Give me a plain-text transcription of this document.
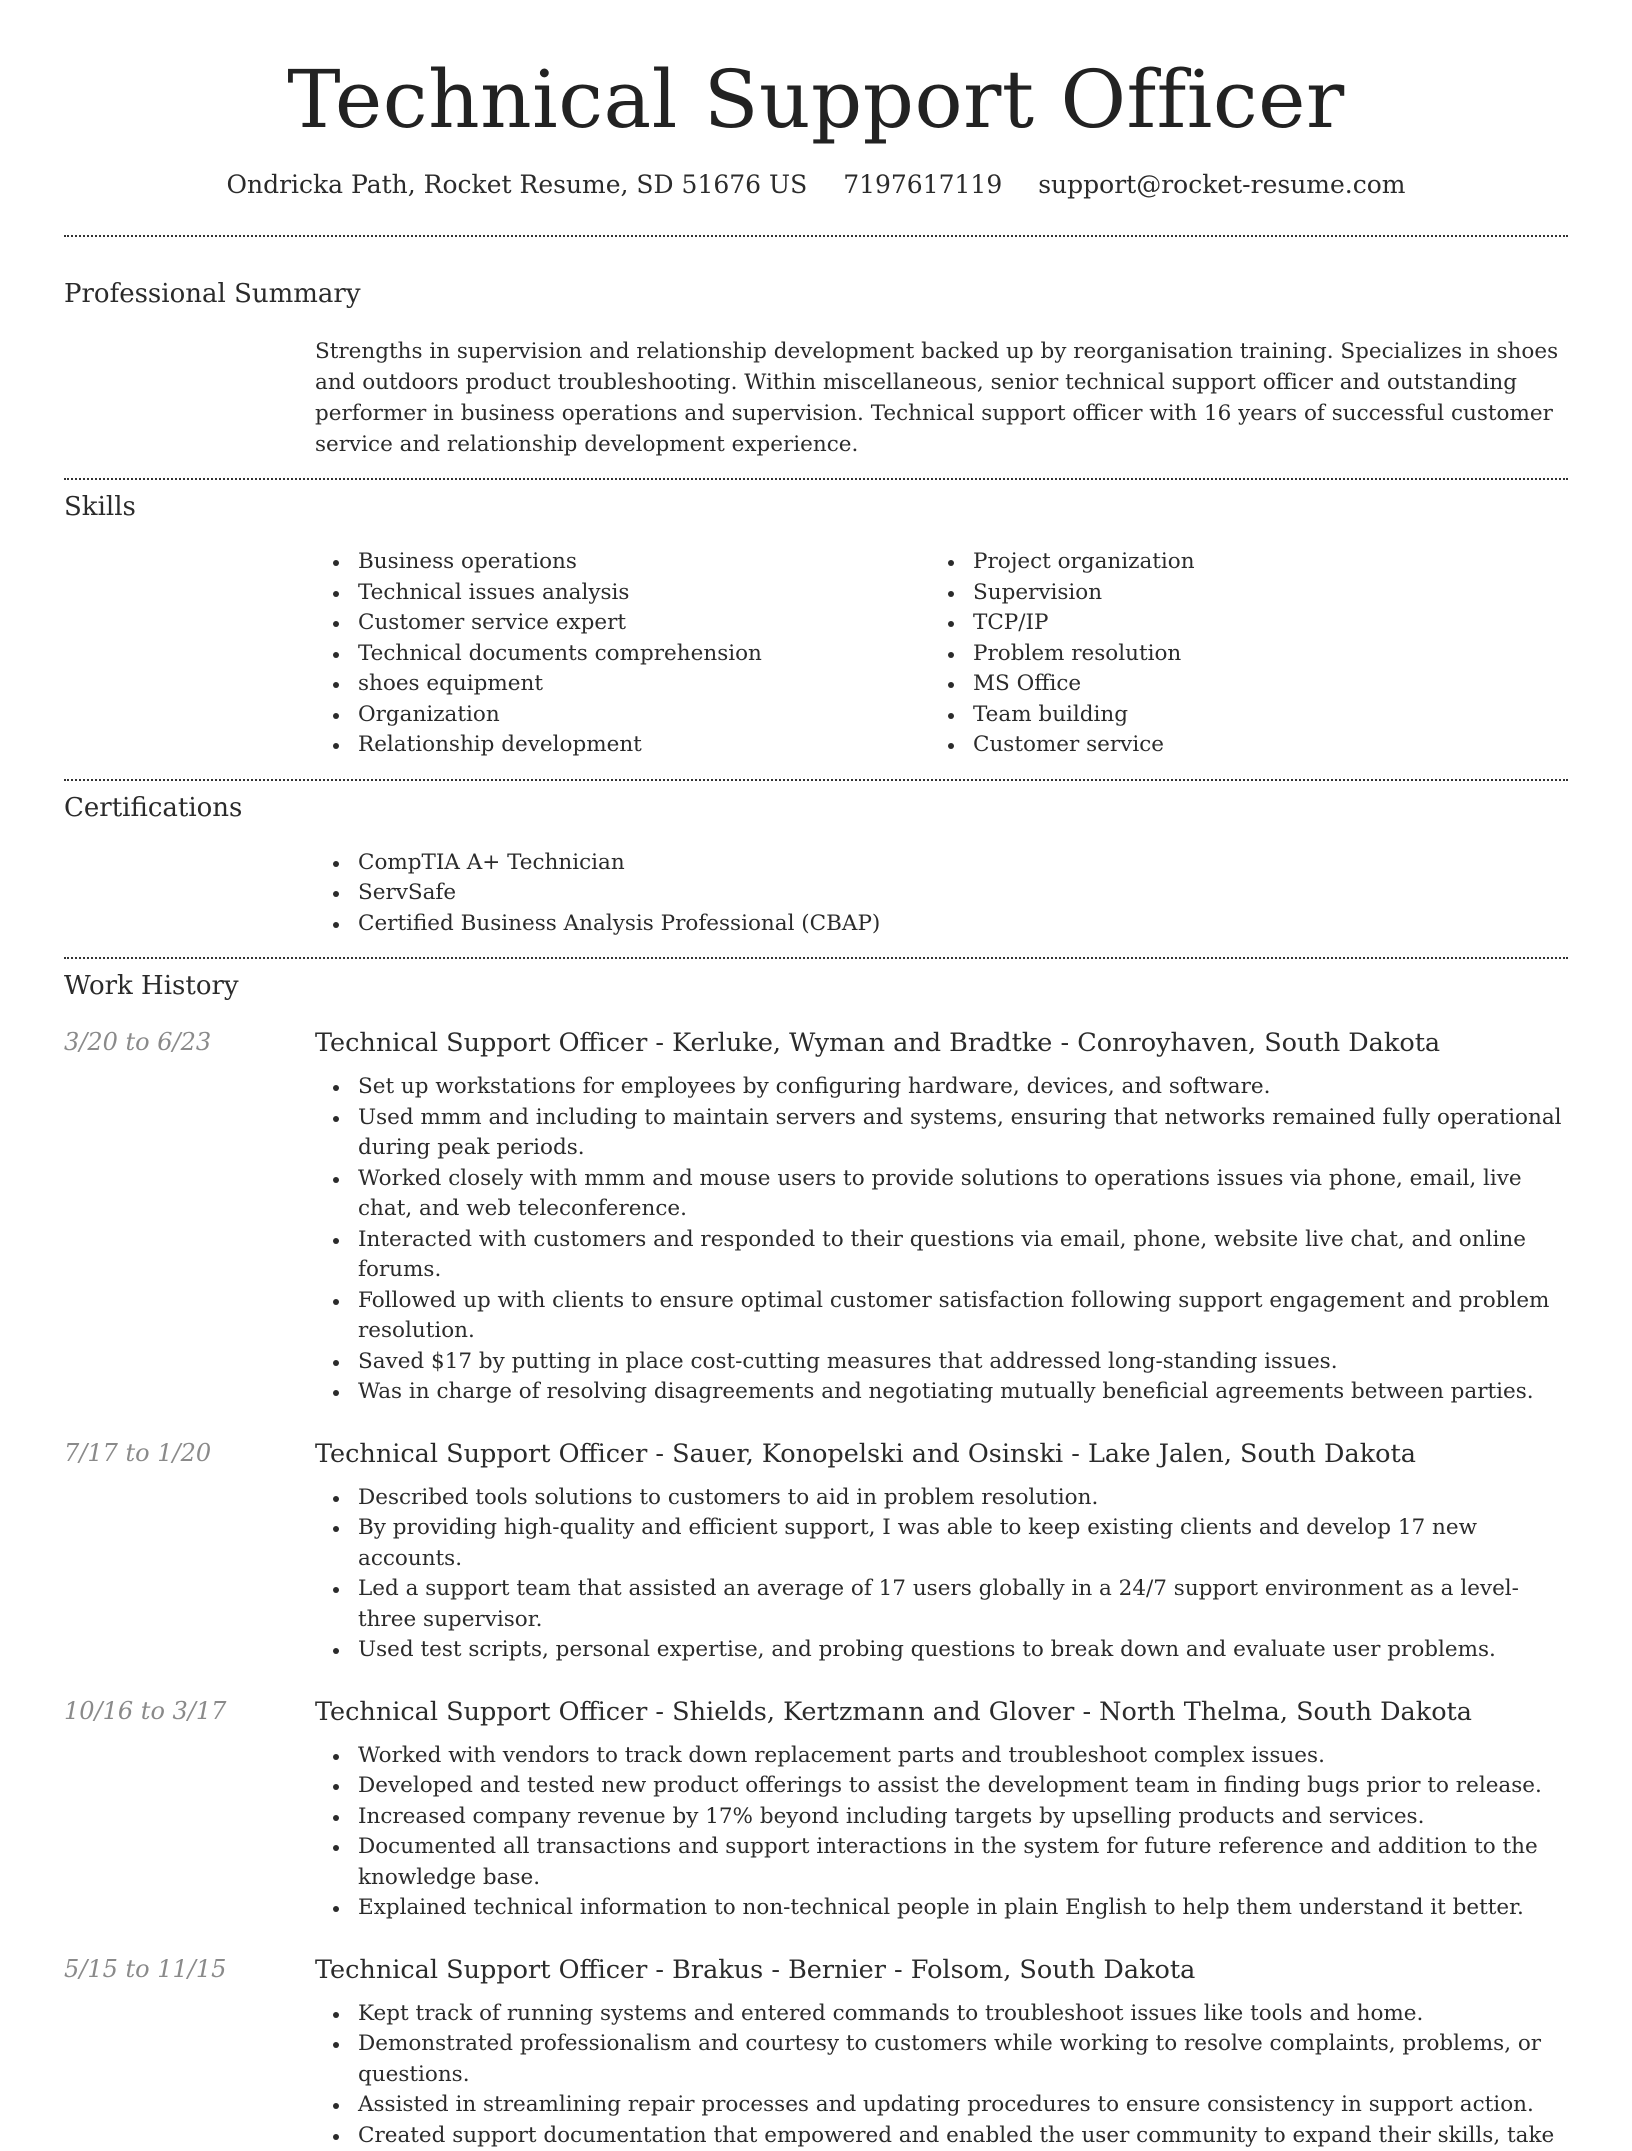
Technical Support Officer
Ondricka Path, Rocket Resume, SD 51676 US 7197617119 support@rocket-resume.com
Professional Summary

Strengths in supervision and relationship development backed up by reorganisation training. Specializes in shoes and outdoors product troubleshooting. Within miscellaneous, senior technical support officer and outstanding performer in business operations and supervision. Technical support officer with 16 years of successful customer service and relationship development experience.

Skills
Business operations
Technical issues analysis
Customer service expert
Technical documents comprehension
shoes equipment
Organization
Relationship development
Project organization
Supervision
TCP/IP
Problem resolution
MS Office
Team building
Customer service
Certifications
CompTIA A+ Technician
ServSafe
Certified Business Analysis Professional (CBAP)
Work History
3/20 to 6/23	Technical Support Officer - Kerluke, Wyman and Bradtke - Conroyhaven, South Dakota
Set up workstations for employees by configuring hardware, devices, and software.
Used mmm and including to maintain servers and systems, ensuring that networks remained fully operational during peak periods.
Worked closely with mmm and mouse users to provide solutions to operations issues via phone, email, live chat, and web teleconference.
Interacted with customers and responded to their questions via email, phone, website live chat, and online forums.
Followed up with clients to ensure optimal customer satisfaction following support engagement and problem resolution.
Saved $17 by putting in place cost-cutting measures that addressed long-standing issues.
Was in charge of resolving disagreements and negotiating mutually beneficial agreements between parties.
7/17 to 1/20	Technical Support Officer - Sauer, Konopelski and Osinski - Lake Jalen, South Dakota
Described tools solutions to customers to aid in problem resolution.
By providing high-quality and efficient support, I was able to keep existing clients and develop 17 new accounts.
Led a support team that assisted an average of 17 users globally in a 24/7 support environment as a level-three supervisor.
Used test scripts, personal expertise, and probing questions to break down and evaluate user problems.
10/16 to 3/17	Technical Support Officer - Shields, Kertzmann and Glover - North Thelma, South Dakota
Worked with vendors to track down replacement parts and troubleshoot complex issues.
Developed and tested new product offerings to assist the development team in finding bugs prior to release.
Increased company revenue by 17% beyond including targets by upselling products and services.
Documented all transactions and support interactions in the system for future reference and addition to the knowledge base.
Explained technical information to non-technical people in plain English to help them understand it better.
5/15 to 11/15	Technical Support Officer - Brakus - Bernier - Folsom, South Dakota
Kept track of running systems and entered commands to troubleshoot issues like tools and home.
Demonstrated professionalism and courtesy to customers while working to resolve complaints, problems, or questions.
Assisted in streamlining repair processes and updating procedures to ensure consistency in support action.
Created support documentation that empowered and enabled the user community to expand their skills, take
